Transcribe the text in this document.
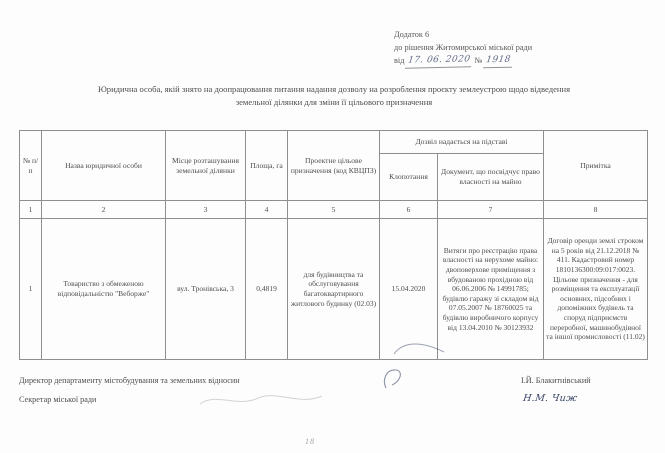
Додаток 6
до рішення Житомирської міської ради
від 17. 06. 2020 № 1918
Юридична особа, якій знято на доопрацювання питання надання дозволу на розроблення проєкту землеустрою щодо відведення
земельної ділянки для зміни її цільового призначення
№ п/п	Назва юридичної особи	Місце розташування земельної ділянки	Площа, га	Проектне цільове призначення (код КВЦПЗ)	Дозвіл надається на підставі		Примітка
					Клопотання	Документ, що посвідчує право власності на майно	
1	2	3	4	5	6	7	8
1	Товариство з обмеженою відповідальністю "Веборже"	вул. Тронівська, 3	0,4819	для будівництва та обслуговування багатоквартирного житлового будинку (02.03)	15.04.2020	Витяги про реєстрацію права власності на нерухоме майно: двоповерхове приміщення з вбудованою прохідною від 06.06.2006 № 14991785; будівлю гаражу зі складом від 07.05.2007 № 18760025 та будівлю виробничого корпусу від 13.04.2010 № 30123932	Договір оренди землі строком на 5 років від 21.12.2018 № 411. Кадастровий номер 1810136300:09:017:0023. Цільове призначення - для розміщення та експлуатації основних, підсобних і допоміжних будівель та споруд підприємств переробної, машинобудівної та іншої промисловості (11.02)
Директор департаменту містобудування та земельних відносин	І.Й. Блакитнівський
Секретар міської ради	Н.М. Чиж
18
